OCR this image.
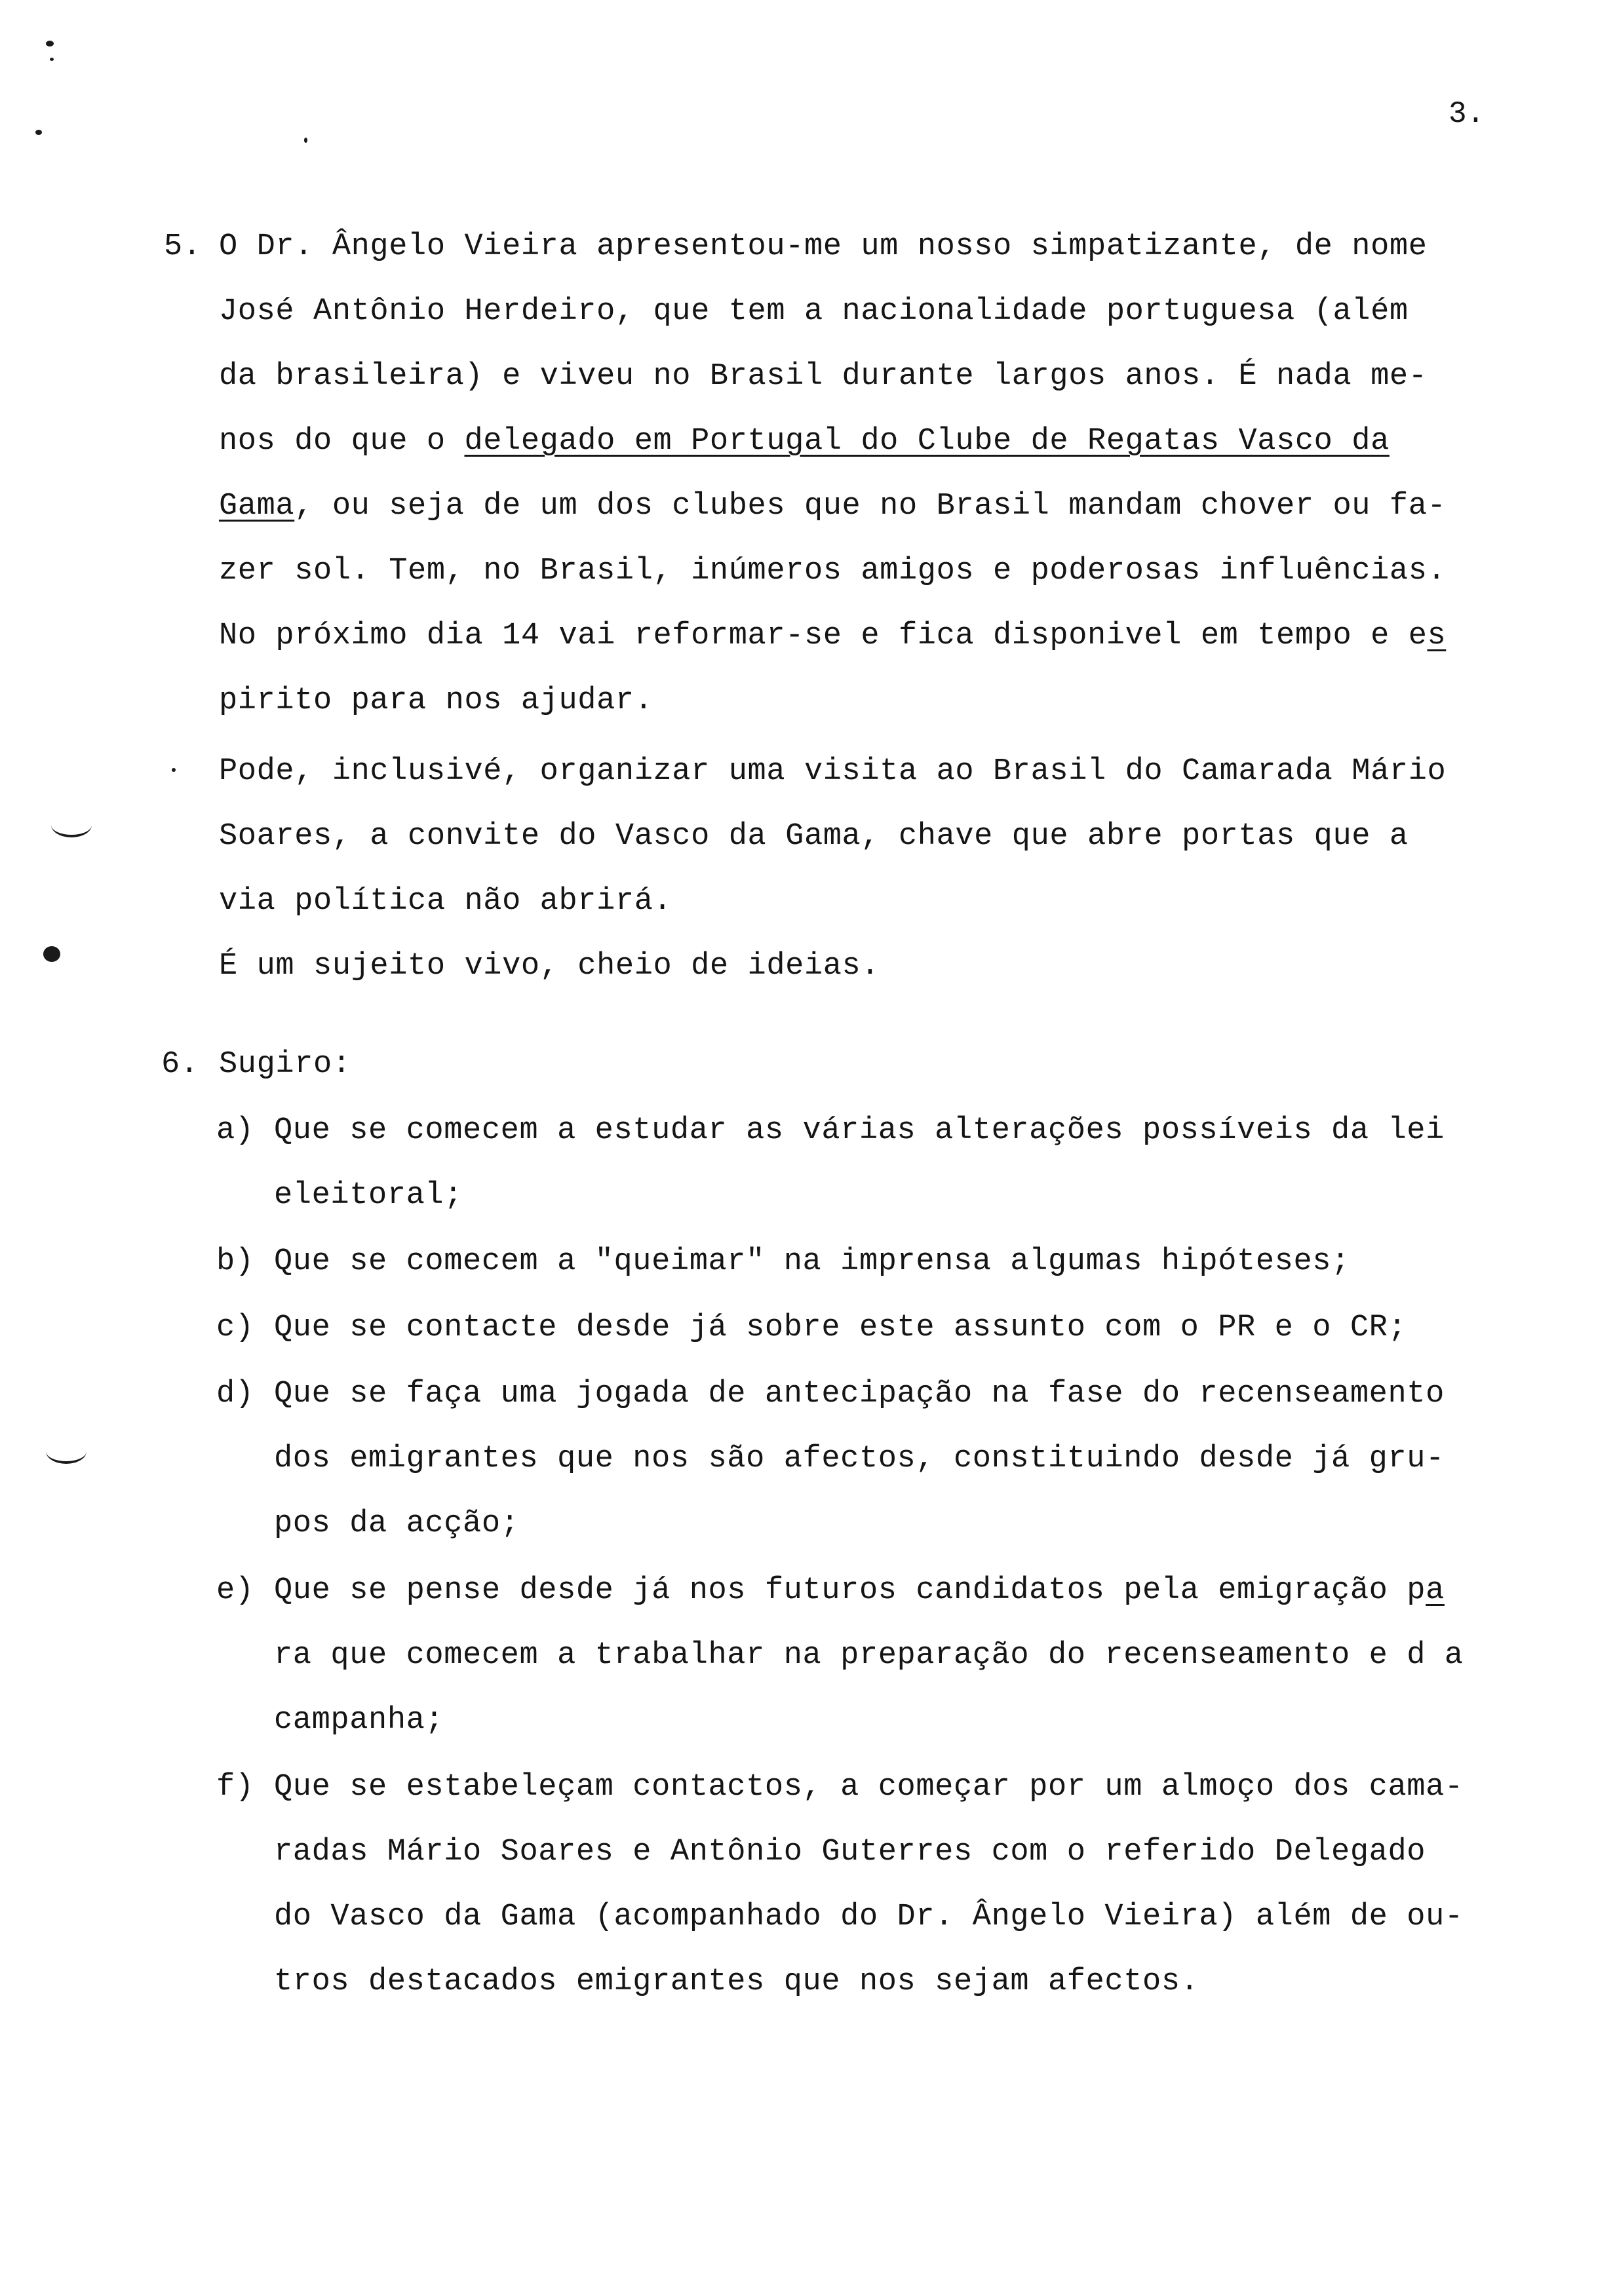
3.
5. O Dr. Ângelo Vieira apresentou-me um nosso simpatizante, de nome
José Antônio Herdeiro, que tem a nacionalidade portuguesa (além
da brasileira) e viveu no Brasil durante largos anos. É nada me-
nos do que o delegado em Portugal do Clube de Regatas Vasco da
Gama, ou seja de um dos clubes que no Brasil mandam chover ou fa-
zer sol. Tem, no Brasil, inúmeros amigos e poderosas influências.
No próximo dia 14 vai reformar-se e fica disponivel em tempo e es
pirito para nos ajudar.
Pode, inclusivé, organizar uma visita ao Brasil do Camarada Mário
Soares, a convite do Vasco da Gama, chave que abre portas que a
via política não abrirá.
É um sujeito vivo, cheio de ideias.
6. Sugiro:
a) Que se comecem a estudar as várias alterações possíveis da lei
eleitoral;
b) Que se comecem a "queimar" na imprensa algumas hipóteses;
c) Que se contacte desde já sobre este assunto com o PR e o CR;
d) Que se faça uma jogada de antecipação na fase do recenseamento
dos emigrantes que nos são afectos, constituindo desde já gru-
pos da acção;
e) Que se pense desde já nos futuros candidatos pela emigração pa
ra que comecem a trabalhar na preparação do recenseamento e d a
campanha;
f) Que se estabeleçam contactos, a começar por um almoço dos cama-
radas Mário Soares e Antônio Guterres com o referido Delegado
do Vasco da Gama (acompanhado do Dr. Ângelo Vieira) além de ou-
tros destacados emigrantes que nos sejam afectos.
